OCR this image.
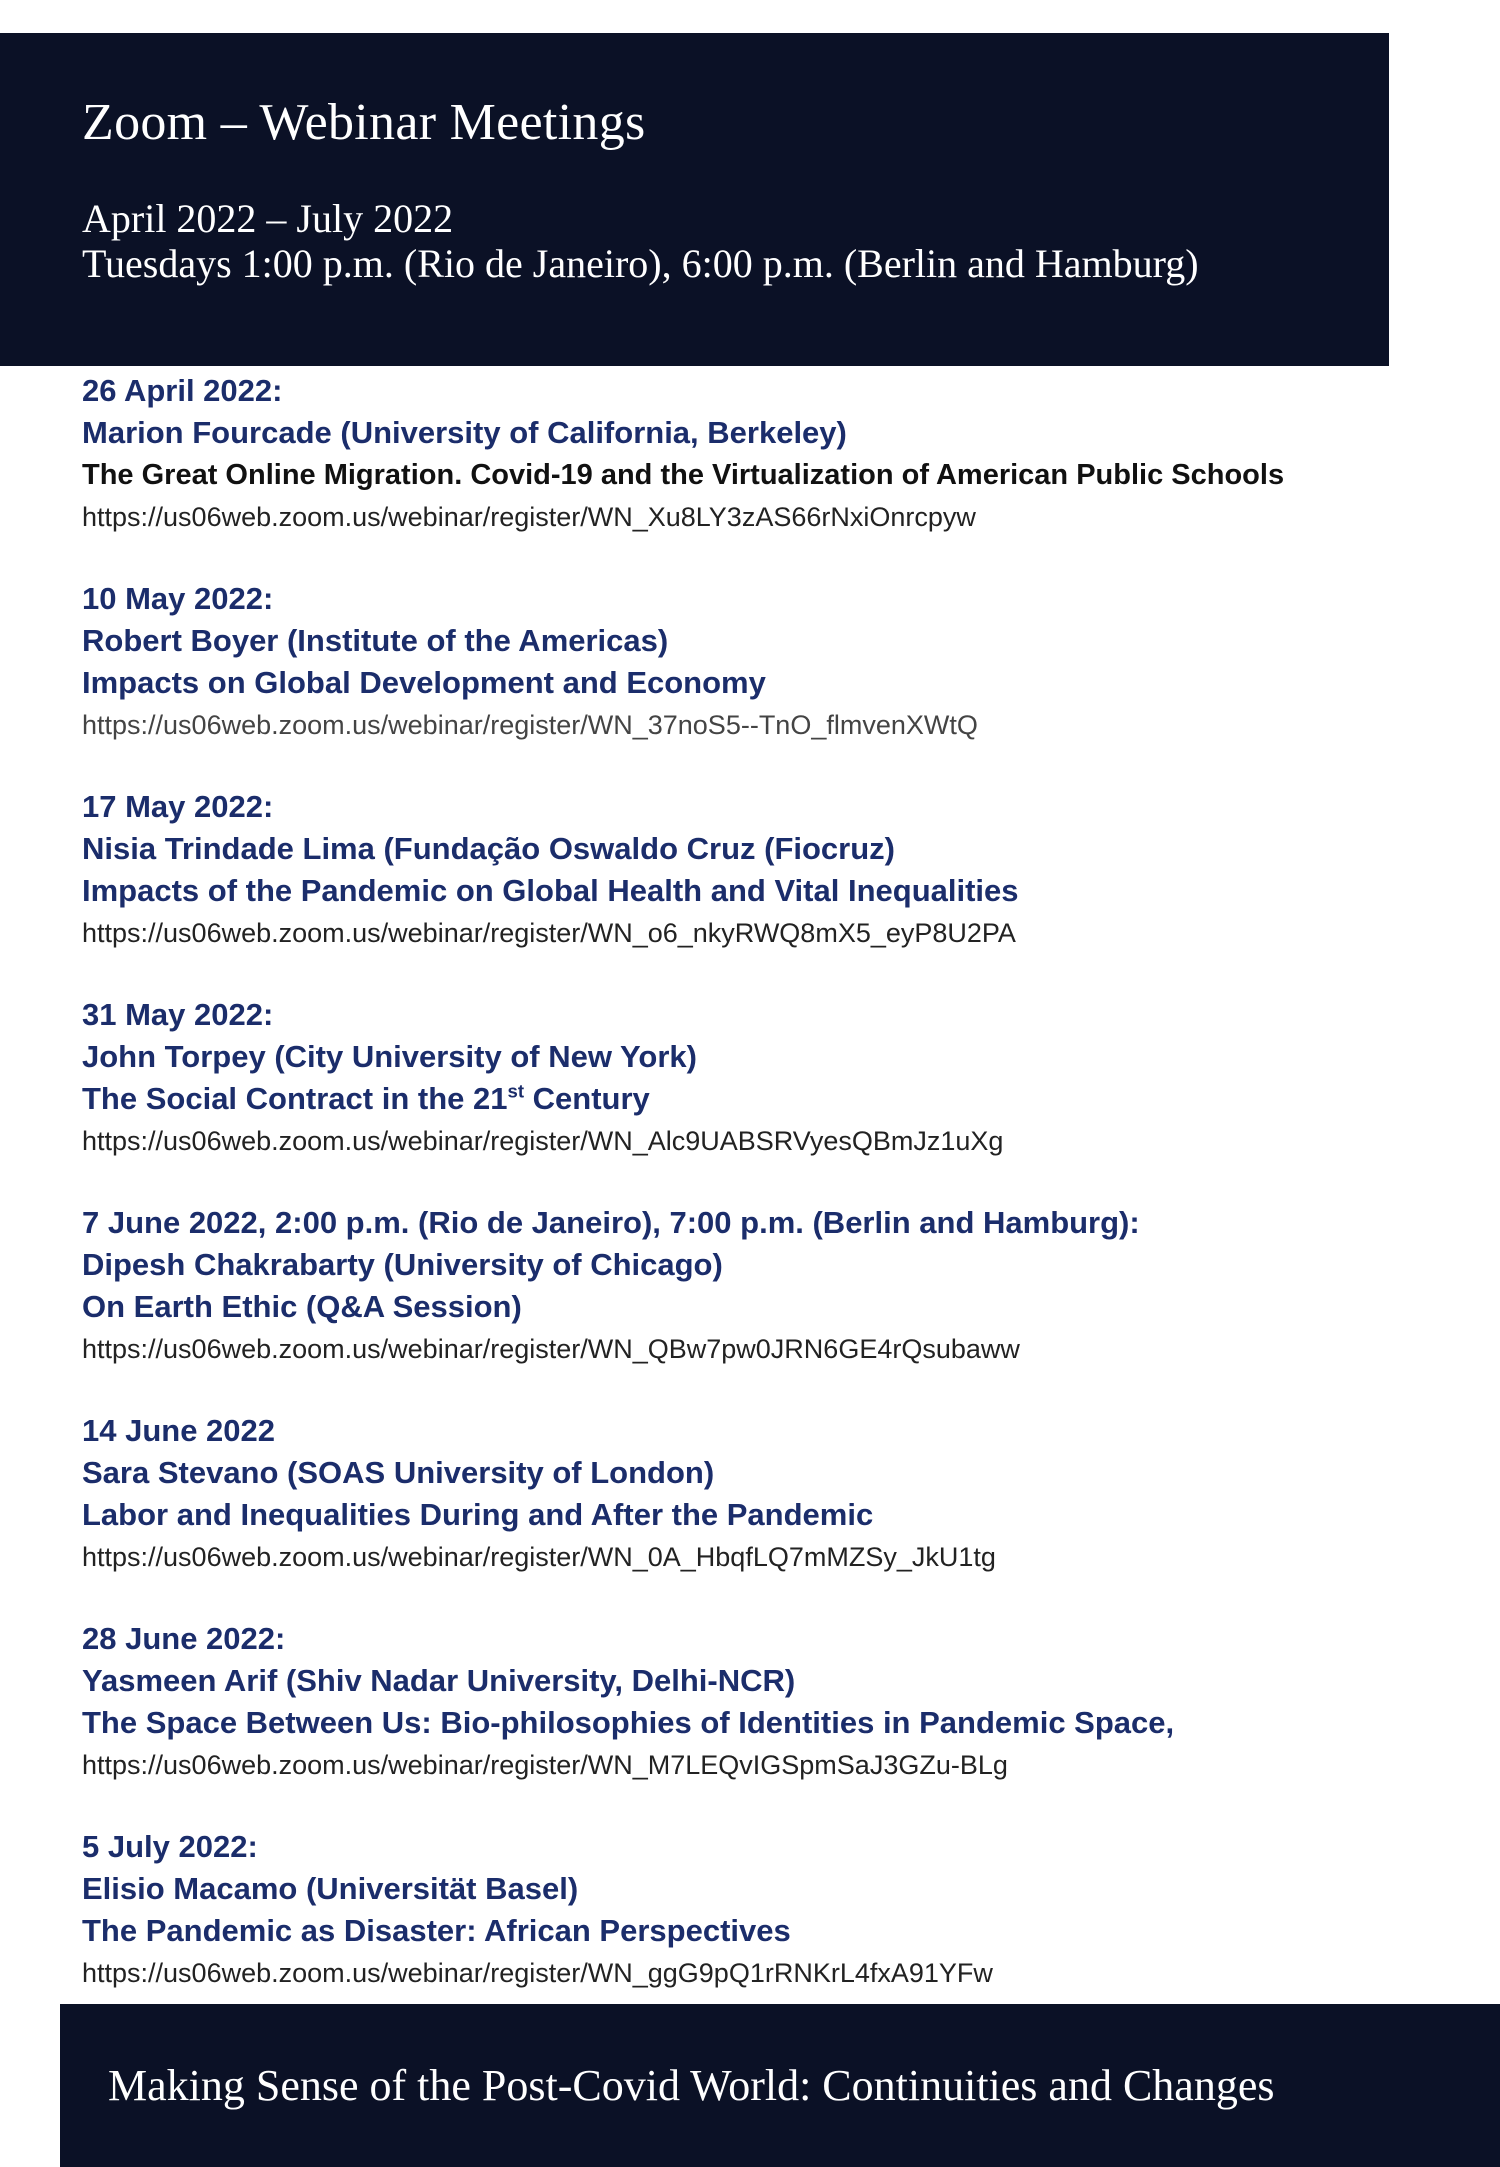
Zoom – Webinar Meetings
April 2022 – July 2022
Tuesdays 1:00 p.m. (Rio de Janeiro), 6:00 p.m. (Berlin and Hamburg)
26 April 2022:
Marion Fourcade (University of California, Berkeley)
The Great Online Migration. Covid-19 and the Virtualization of American Public Schools
https://us06web.zoom.us/webinar/register/WN_Xu8LY3zAS66rNxiOnrcpyw
10 May 2022:
Robert Boyer (Institute of the Americas)
Impacts on Global Development and Economy
https://us06web.zoom.us/webinar/register/WN_37noS5--TnO_flmvenXWtQ
17 May 2022:
Nisia Trindade Lima (Fundação Oswaldo Cruz (Fiocruz)
Impacts of the Pandemic on Global Health and Vital Inequalities
https://us06web.zoom.us/webinar/register/WN_o6_nkyRWQ8mX5_eyP8U2PA
31 May 2022:
John Torpey (City University of New York)
The Social Contract in the 21st Century
https://us06web.zoom.us/webinar/register/WN_Alc9UABSRVyesQBmJz1uXg
7 June 2022, 2:00 p.m. (Rio de Janeiro), 7:00 p.m. (Berlin and Hamburg):
Dipesh Chakrabarty (University of Chicago)
On Earth Ethic (Q&A Session)
https://us06web.zoom.us/webinar/register/WN_QBw7pw0JRN6GE4rQsubaww
14 June 2022
Sara Stevano (SOAS University of London)
Labor and Inequalities During and After the Pandemic
https://us06web.zoom.us/webinar/register/WN_0A_HbqfLQ7mMZSy_JkU1tg
28 June 2022:
Yasmeen Arif (Shiv Nadar University, Delhi-NCR)
The Space Between Us: Bio-philosophies of Identities in Pandemic Space,
https://us06web.zoom.us/webinar/register/WN_M7LEQvIGSpmSaJ3GZu-BLg
5 July 2022:
Elisio Macamo (Universität Basel)
The Pandemic as Disaster: African Perspectives
https://us06web.zoom.us/webinar/register/WN_ggG9pQ1rRNKrL4fxA91YFw
Making Sense of the Post-Covid World: Continuities and Changes
